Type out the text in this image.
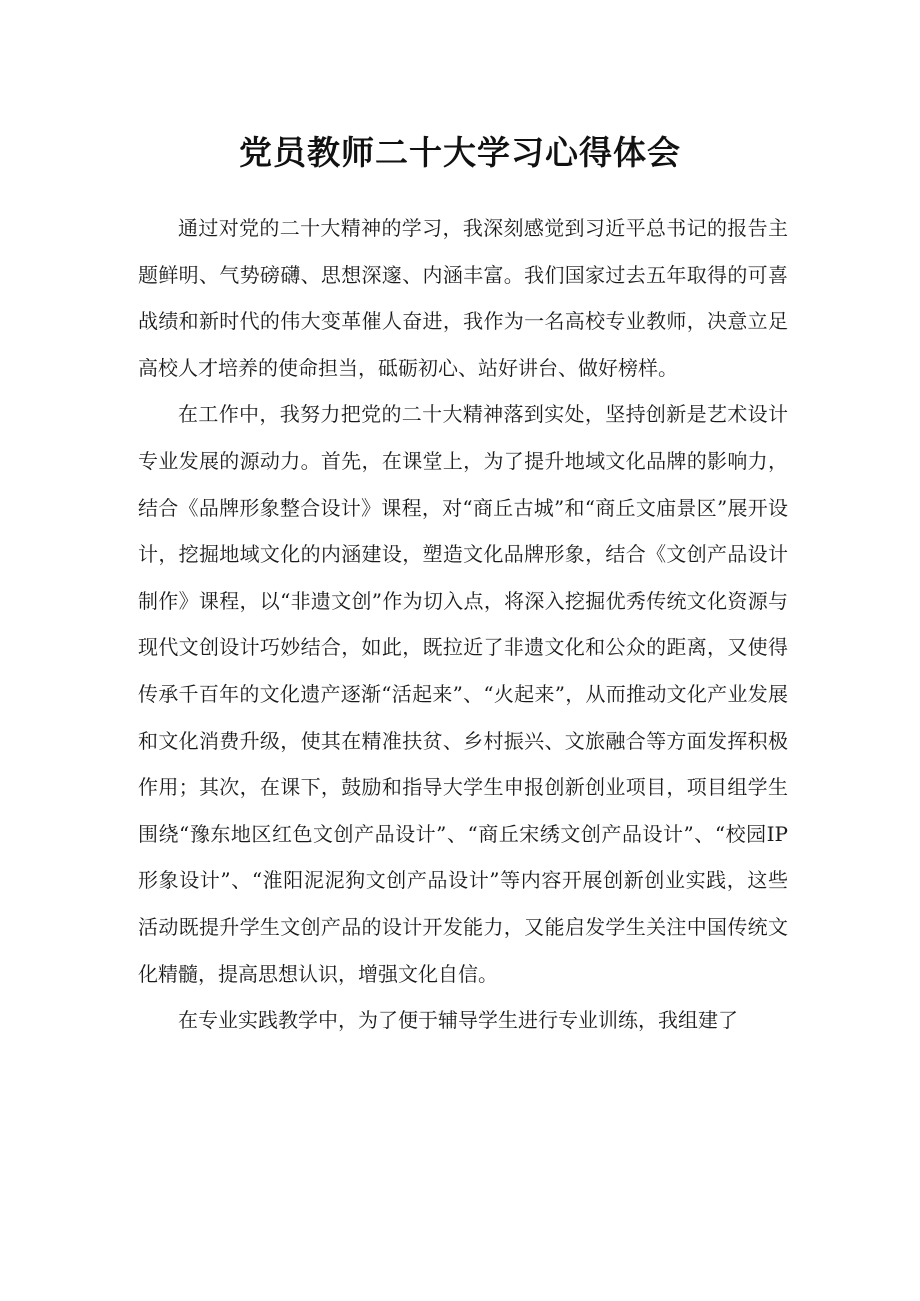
党员教师二十大学习心得体会

通过对党的二十大精神的学习，我深刻感觉到习近平总书记的报告主题鲜明、气势磅礴、思想深邃、内涵丰富。我们国家过去五年取得的可喜战绩和新时代的伟大变革催人奋进，我作为一名高校专业教师，决意立足高校人才培养的使命担当，砥砺初心、站好讲台、做好榜样。

在工作中，我努力把党的二十大精神落到实处，坚持创新是艺术设计专业发展的源动力。首先，在课堂上，为了提升地域文化品牌的影响力，结合《品牌形象整合设计》课程，对“商丘古城”和“商丘文庙景区”展开设计，挖掘地域文化的内涵建设，塑造文化品牌形象，结合《文创产品设计制作》课程，以“非遗文创”作为切入点，将深入挖掘优秀传统文化资源与现代文创设计巧妙结合，如此，既拉近了非遗文化和公众的距离，又使得传承千百年的文化遗产逐渐“活起来”、“火起来”，从而推动文化产业发展和文化消费升级，使其在精准扶贫、乡村振兴、文旅融合等方面发挥积极作用；其次，在课下，鼓励和指导大学生申报创新创业项目，项目组学生围绕“豫东地区红色文创产品设计”、“商丘宋绣文创产品设计”、“校园IP形象设计”、“淮阳泥泥狗文创产品设计”等内容开展创新创业实践，这些活动既提升学生文创产品的设计开发能力，又能启发学生关注中国传统文化精髓，提高思想认识，增强文化自信。

在专业实践教学中，为了便于辅导学生进行专业训练，我组建了
